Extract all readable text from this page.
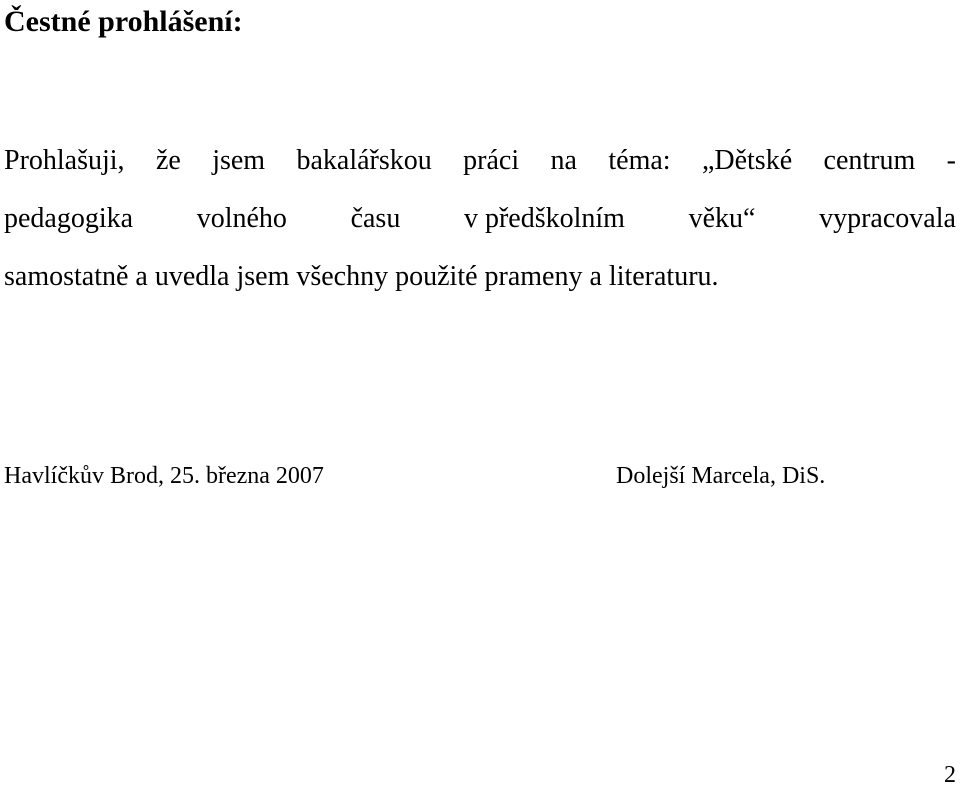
Čestné prohlášení:
Prohlašuji, že jsem bakalářskou práci na téma: „Dětské centrum -
pedagogika volného času v předškolním věku“ vypracovala
samostatně a uvedla jsem všechny použité prameny a literaturu.
Havlíčkův Brod, 25. března 2007	Dolejší Marcela, DiS.
2
